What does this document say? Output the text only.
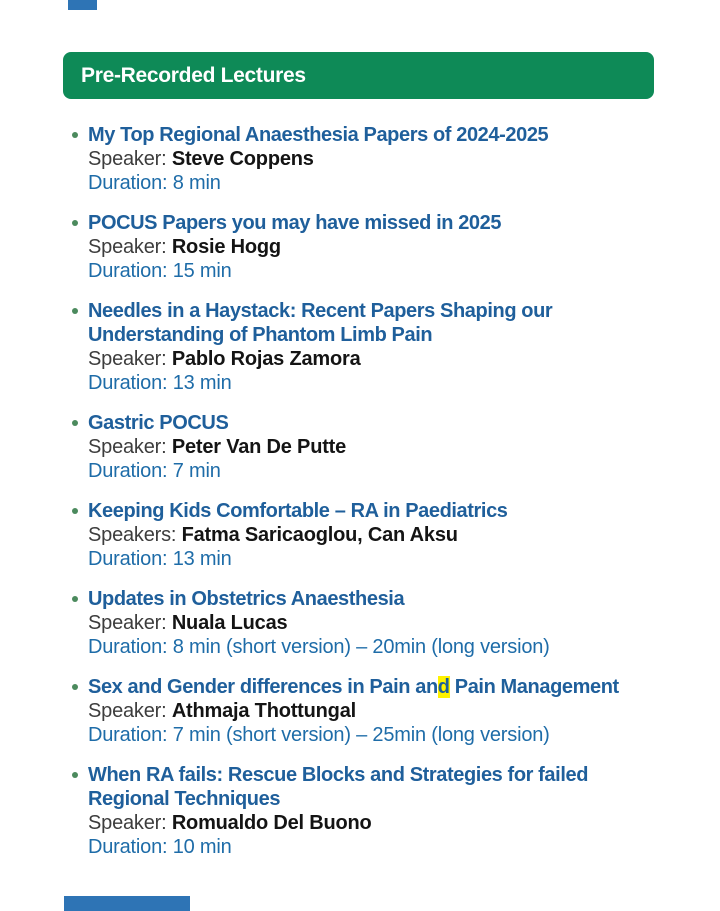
Pre-Recorded Lectures
My Top Regional Anaesthesia Papers of 2024-2025
Speaker: Steve Coppens
Duration: 8 min
POCUS Papers you may have missed in 2025
Speaker: Rosie Hogg
Duration: 15 min
Needles in a Haystack: Recent Papers Shaping our Understanding of Phantom Limb Pain
Speaker: Pablo Rojas Zamora
Duration: 13 min
Gastric POCUS
Speaker: Peter Van De Putte
Duration: 7 min
Keeping Kids Comfortable – RA in Paediatrics
Speakers: Fatma Saricaoglou, Can Aksu
Duration: 13 min
Updates in Obstetrics Anaesthesia
Speaker: Nuala Lucas
Duration: 8 min (short version) – 20min (long version)
Sex and Gender differences in Pain and Pain Management
Speaker: Athmaja Thottungal
Duration: 7 min (short version) – 25min (long version)
When RA fails: Rescue Blocks and Strategies for failed Regional Techniques
Speaker: Romualdo Del Buono
Duration: 10 min
